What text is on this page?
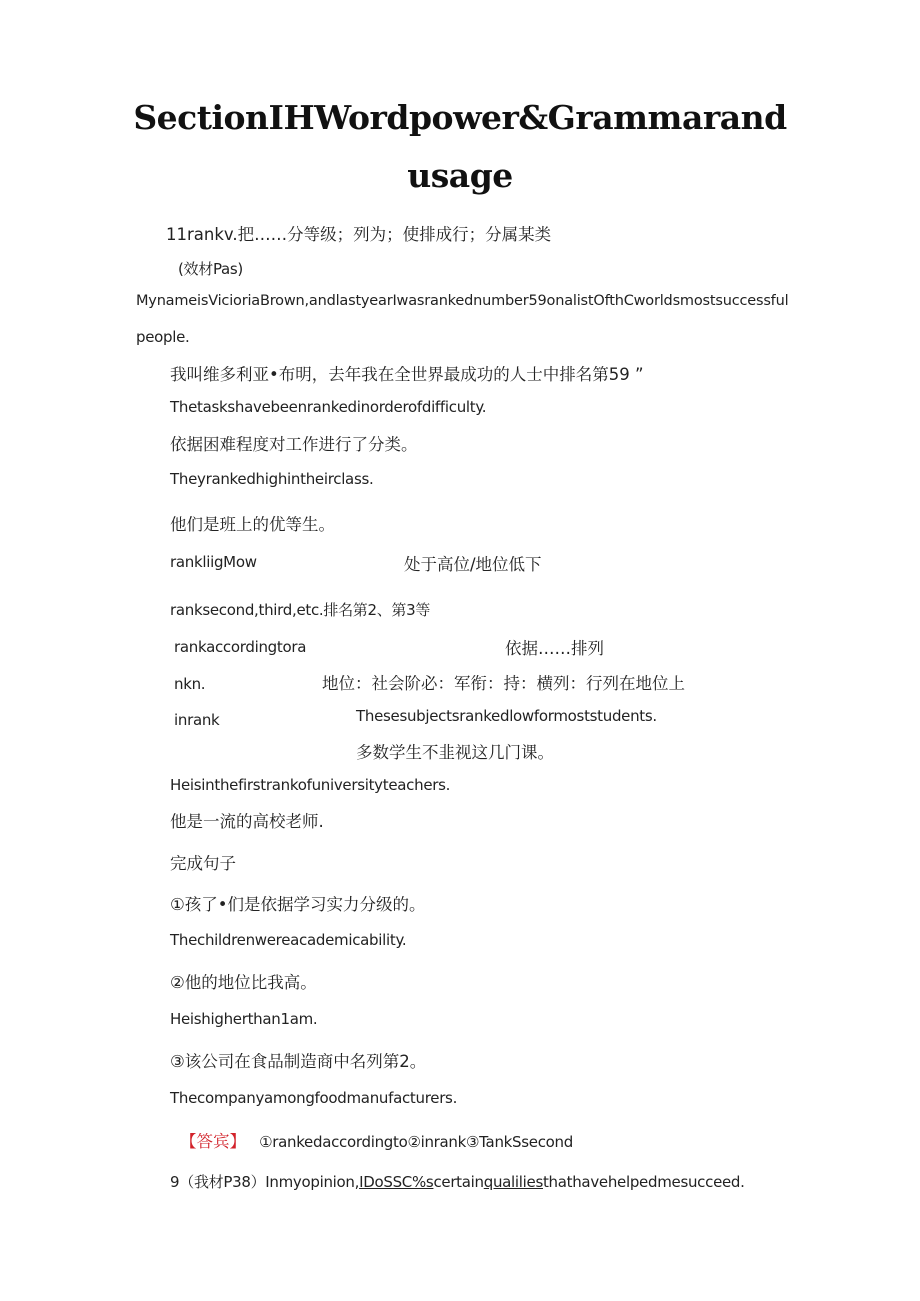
SectionIHWordpower&Grammarand
usage
11rankv.把……分等级；列为；使排成行；分属某类
(效材Pas)
MynameisVicioriaBrown,andlastyearIwasrankednumber59onalistOfthCworldsmostsuccessful
people.
我叫维多利亚•布明，去年我在全世界最成功的人士中排名第59 ”
Thetaskshavebeenrankedinorderofdifficulty.
依据困难程度对工作进行了分类。
Theyrankedhighintheirclass.
他们是班上的优等生。
rankliigMow	处于高位/地位低下
ranksecond,third,etc.排名第2、第3等
rankaccordingtora	依据……排列
nkn.	地位：社会阶必：军衔：持：横列：行列在地位上
inrank	Thesesubjectsrankedlowformoststudents.
多数学生不韭视这几门课。
Heisinthefirstrankofuniversityteachers.
他是一流的高校老师.
完成句子
①孩了•们是依据学习实力分级的。
Thechildrenwereacademicability.
②他的地位比我高。
Heishigherthan1am.
③该公司在食品制造商中名列第2。
Thecompanyamongfoodmanufacturers.
【答宾】 ①rankedaccordingto②inrank③TankSsecond
9（我材P38）Inmyopinion,IDoSSC%scertainqualiliesthathavehelpedmesucceed.
